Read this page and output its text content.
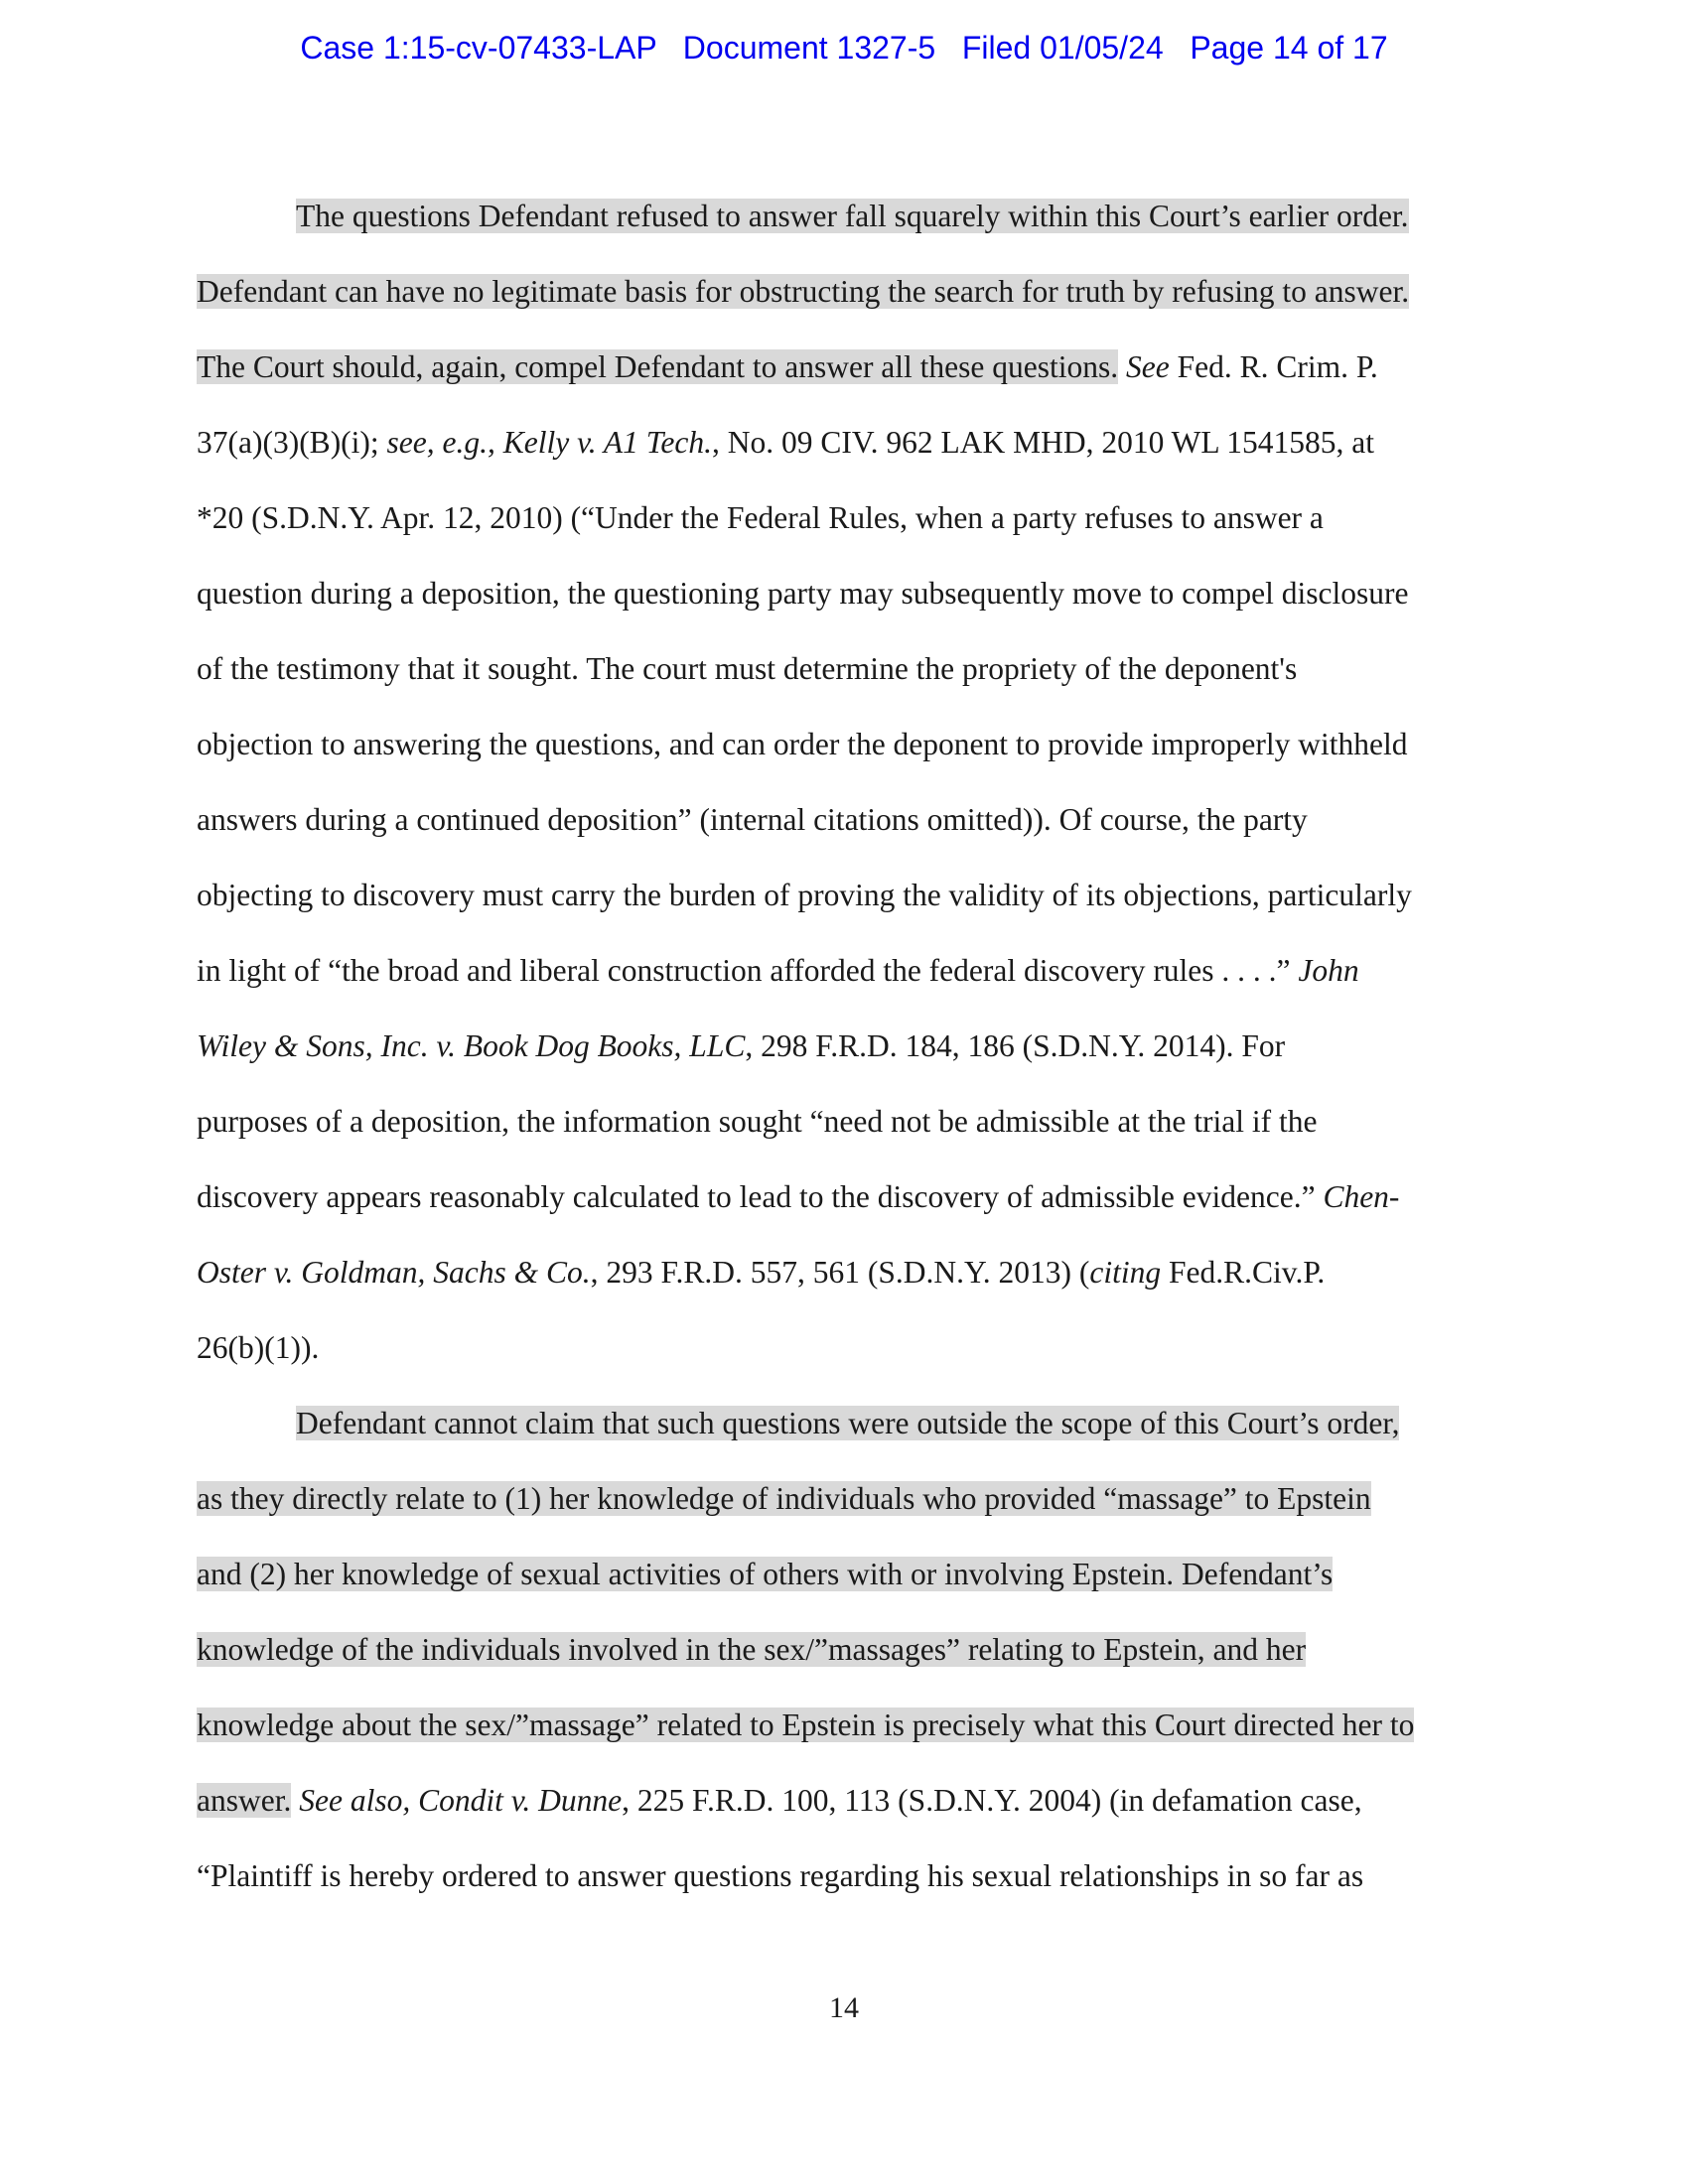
Case 1:15-cv-07433-LAP Document 1327-5 Filed 01/05/24 Page 14 of 17
The questions Defendant refused to answer fall squarely within this Court’s earlier order.
Defendant can have no legitimate basis for obstructing the search for truth by refusing to answer.
The Court should, again, compel Defendant to answer all these questions. See Fed. R. Crim. P.
37(a)(3)(B)(i); see, e.g., Kelly v. A1 Tech., No. 09 CIV. 962 LAK MHD, 2010 WL 1541585, at
*20 (S.D.N.Y. Apr. 12, 2010) (“Under the Federal Rules, when a party refuses to answer a
question during a deposition, the questioning party may subsequently move to compel disclosure
of the testimony that it sought. The court must determine the propriety of the deponent's
objection to answering the questions, and can order the deponent to provide improperly withheld
answers during a continued deposition” (internal citations omitted)). Of course, the party
objecting to discovery must carry the burden of proving the validity of its objections, particularly
in light of “the broad and liberal construction afforded the federal discovery rules . . . .” John
Wiley & Sons, Inc. v. Book Dog Books, LLC, 298 F.R.D. 184, 186 (S.D.N.Y. 2014). For
purposes of a deposition, the information sought “need not be admissible at the trial if the
discovery appears reasonably calculated to lead to the discovery of admissible evidence.” Chen-
Oster v. Goldman, Sachs & Co., 293 F.R.D. 557, 561 (S.D.N.Y. 2013) (citing Fed.R.Civ.P.
26(b)(1)).
Defendant cannot claim that such questions were outside the scope of this Court’s order,
as they directly relate to (1) her knowledge of individuals who provided “massage” to Epstein
and (2) her knowledge of sexual activities of others with or involving Epstein. Defendant’s
knowledge of the individuals involved in the sex/”massages” relating to Epstein, and her
knowledge about the sex/”massage” related to Epstein is precisely what this Court directed her to
answer. See also, Condit v. Dunne, 225 F.R.D. 100, 113 (S.D.N.Y. 2004) (in defamation case,
“Plaintiff is hereby ordered to answer questions regarding his sexual relationships in so far as
14
